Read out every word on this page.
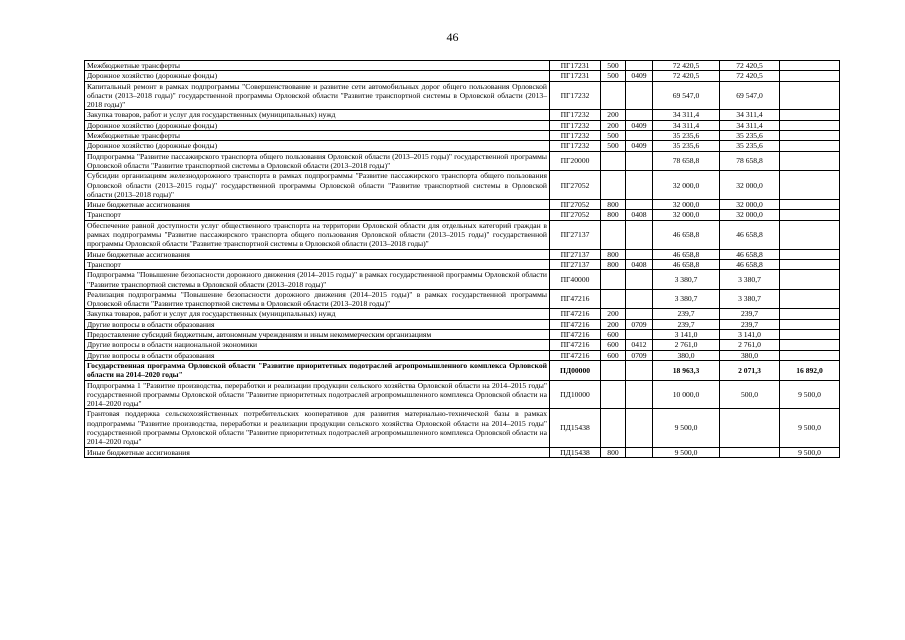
46
Межбюджетные трансферты	ПГ17231	500		72 420,5	72 420,5	
Дорожное хозяйство (дорожные фонды)	ПГ17231	500	0409	72 420,5	72 420,5	
Капитальный ремонт в рамках подпрограммы "Совершенствование и развитие сети автомобильных дорог общего пользования Орловской области (2013–2018 годы)" государственной программы Орловской области "Развитие транспортной системы в Орловской области (2013–2018 годы)"	ПГ17232			69 547,0	69 547,0	
Закупка товаров, работ и услуг для государственных (муниципальных) нужд	ПГ17232	200		34 311,4	34 311,4	
Дорожное хозяйство (дорожные фонды)	ПГ17232	200	0409	34 311,4	34 311,4	
Межбюджетные трансферты	ПГ17232	500		35 235,6	35 235,6	
Дорожное хозяйство (дорожные фонды)	ПГ17232	500	0409	35 235,6	35 235,6	
Подпрограмма "Развитие пассажирского транспорта общего пользования Орловской области (2013–2015 годы)" государственной программы Орловской области "Развитие транспортной системы в Орловской области (2013–2018 годы)"	ПГ20000			78 658,8	78 658,8	
Субсидии организациям железнодорожного транспорта в рамках подпрограммы "Развитие пассажирского транспорта общего пользования Орловской области (2013–2015 годы)" государственной программы Орловской области "Развитие транспортной системы в Орловской области (2013–2018 годы)"	ПГ27052			32 000,0	32 000,0	
Иные бюджетные ассигнования	ПГ27052	800		32 000,0	32 000,0	
Транспорт	ПГ27052	800	0408	32 000,0	32 000,0	
Обеспечение равной доступности услуг общественного транспорта на территории Орловской области для отдельных категорий граждан в рамках подпрограммы "Развитие пассажирского транспорта общего пользования Орловской области (2013–2015 годы)" государственной программы Орловской области "Развитие транспортной системы в Орловской области (2013–2018 годы)"	ПГ27137			46 658,8	46 658,8	
Иные бюджетные ассигнования	ПГ27137	800		46 658,8	46 658,8	
Транспорт	ПГ27137	800	0408	46 658,8	46 658,8	
Подпрограмма "Повышение безопасности дорожного движения (2014–2015 годы)" в рамках государственной программы Орловской области "Развитие транспортной системы в Орловской области (2013–2018 годы)"	ПГ40000			3 380,7	3 380,7	
Реализация подпрограммы "Повышение безопасности дорожного движения (2014–2015 годы)" в рамках государственной программы Орловской области "Развитие транспортной системы в Орловской области (2013–2018 годы)"	ПГ47216			3 380,7	3 380,7	
Закупка товаров, работ и услуг для государственных (муниципальных) нужд	ПГ47216	200		239,7	239,7	
Другие вопросы в области образования	ПГ47216	200	0709	239,7	239,7	
Предоставление субсидий бюджетным, автономным учреждениям и иным некоммерческим организациям	ПГ47216	600		3 141,0	3 141,0	
Другие вопросы в области национальной экономики	ПГ47216	600	0412	2 761,0	2 761,0	
Другие вопросы в области образования	ПГ47216	600	0709	380,0	380,0	
Государственная программа Орловской области "Развитие приоритетных подотраслей агропромышленного комплекса Орловской области на 2014–2020 годы"	ПД00000			18 963,3	2 071,3	16 892,0
Подпрограмма 1 "Развитие производства, переработки и реализации продукции сельского хозяйства Орловской области на 2014–2015 годы" государственной программы Орловской области "Развитие приоритетных подотраслей агропромышленного комплекса Орловской области на 2014–2020 годы"	ПД10000			10 000,0	500,0	9 500,0
Грантовая поддержка сельскохозяйственных потребительских кооперативов для развития материально-технической базы в рамках подпрограммы "Развитие производства, переработки и реализации продукции сельского хозяйства Орловской области на 2014–2015 годы" государственной программы Орловской области "Развитие приоритетных подотраслей агропромышленного комплекса Орловской области на 2014–2020 годы"	ПД15438			9 500,0		9 500,0
Иные бюджетные ассигнования	ПД15438	800		9 500,0		9 500,0
